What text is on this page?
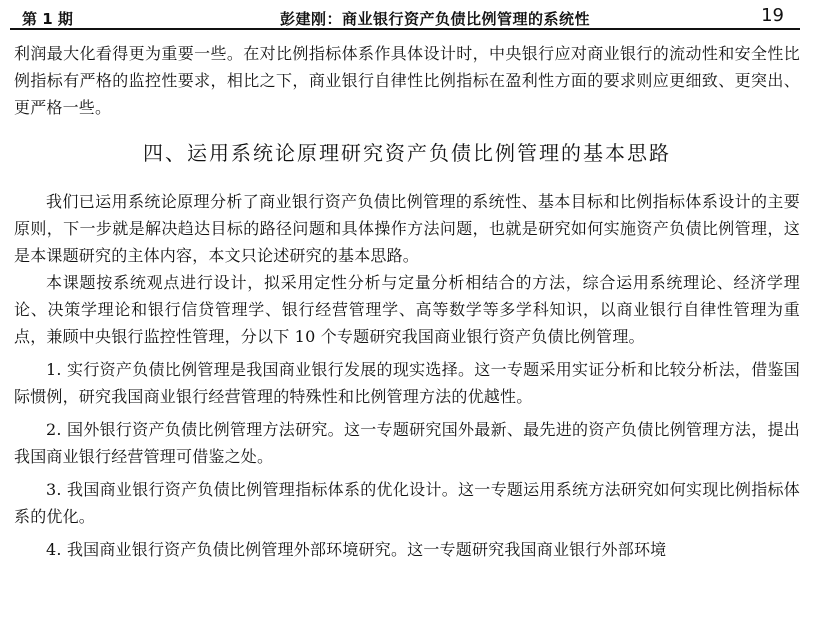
第 1 期	彭建刚：商业银行资产负债比例管理的系统性	19

利润最大化看得更为重要一些。在对比例指标体系作具体设计时，中央银行应对商业银行的流动性和安全性比例指标有严格的监控性要求，相比之下，商业银行自律性比例指标在盈利性方面的要求则应更细致、更突出、更严格一些。

四、运用系统论原理研究资产负债比例管理的基本思路

我们已运用系统论原理分析了商业银行资产负债比例管理的系统性、基本目标和比例指标体系设计的主要原则，下一步就是解决趋达目标的路径问题和具体操作方法问题，也就是研究如何实施资产负债比例管理，这是本课题研究的主体内容，本文只论述研究的基本思路。

本课题按系统观点进行设计，拟采用定性分析与定量分析相结合的方法，综合运用系统理论、经济学理论、决策学理论和银行信贷管理学、银行经营管理学、高等数学等多学科知识，以商业银行自律性管理为重点，兼顾中央银行监控性管理，分以下 10 个专题研究我国商业银行资产负债比例管理。

1. 实行资产负债比例管理是我国商业银行发展的现实选择。这一专题采用实证分析和比较分析法，借鉴国际惯例，研究我国商业银行经营管理的特殊性和比例管理方法的优越性。

2. 国外银行资产负债比例管理方法研究。这一专题研究国外最新、最先进的资产负债比例管理方法，提出我国商业银行经营管理可借鉴之处。

3. 我国商业银行资产负债比例管理指标体系的优化设计。这一专题运用系统方法研究如何实现比例指标体系的优化。

4. 我国商业银行资产负债比例管理外部环境研究。这一专题研究我国商业银行外部环境
